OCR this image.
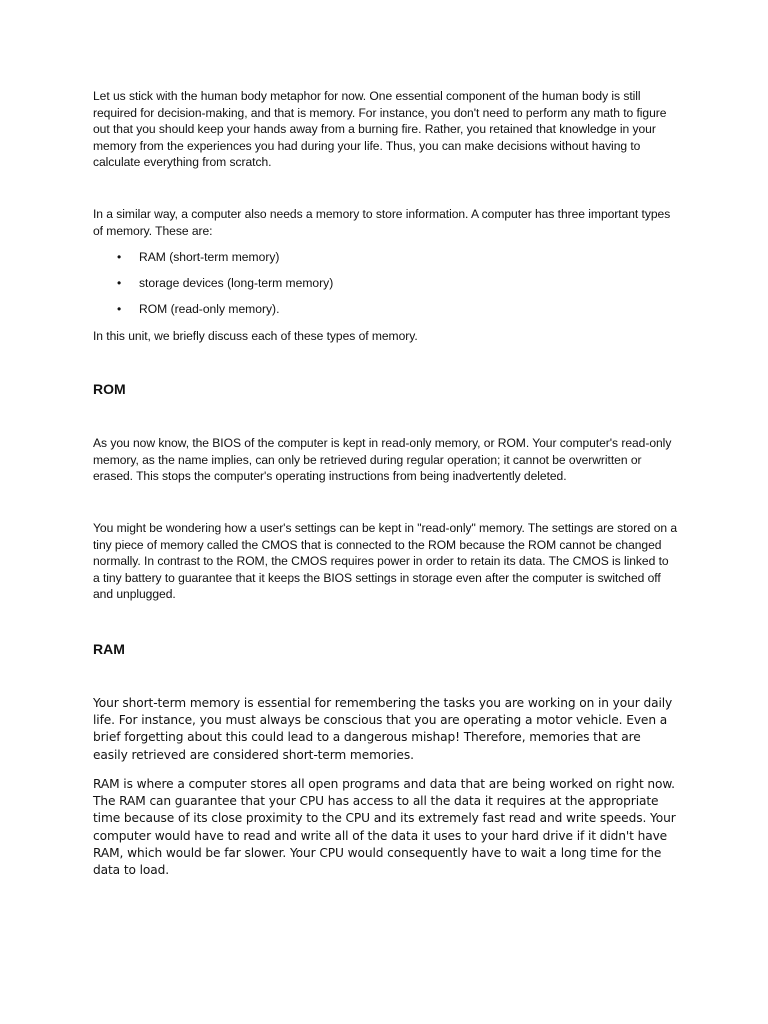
Let us stick with the human body metaphor for now. One essential component of the human body is still required for decision-making, and that is memory. For instance, you don't need to perform any math to figure out that you should keep your hands away from a burning fire. Rather, you retained that knowledge in your memory from the experiences you had during your life. Thus, you can make decisions without having to calculate everything from scratch.

In a similar way, a computer also needs a memory to store information. A computer has three important types of memory. These are:

• RAM (short-term memory)
• storage devices (long-term memory)
• ROM (read-only memory).

In this unit, we briefly discuss each of these types of memory.

ROM

As you now know, the BIOS of the computer is kept in read-only memory, or ROM. Your computer's read-only memory, as the name implies, can only be retrieved during regular operation; it cannot be overwritten or erased. This stops the computer's operating instructions from being inadvertently deleted.

You might be wondering how a user's settings can be kept in "read-only" memory. The settings are stored on a tiny piece of memory called the CMOS that is connected to the ROM because the ROM cannot be changed normally. In contrast to the ROM, the CMOS requires power in order to retain its data. The CMOS is linked to a tiny battery to guarantee that it keeps the BIOS settings in storage even after the computer is switched off and unplugged.

RAM

Your short-term memory is essential for remembering the tasks you are working on in your daily life. For instance, you must always be conscious that you are operating a motor vehicle. Even a brief forgetting about this could lead to a dangerous mishap! Therefore, memories that are easily retrieved are considered short-term memories.

RAM is where a computer stores all open programs and data that are being worked on right now. The RAM can guarantee that your CPU has access to all the data it requires at the appropriate time because of its close proximity to the CPU and its extremely fast read and write speeds. Your computer would have to read and write all of the data it uses to your hard drive if it didn't have RAM, which would be far slower. Your CPU would consequently have to wait a long time for the data to load.
